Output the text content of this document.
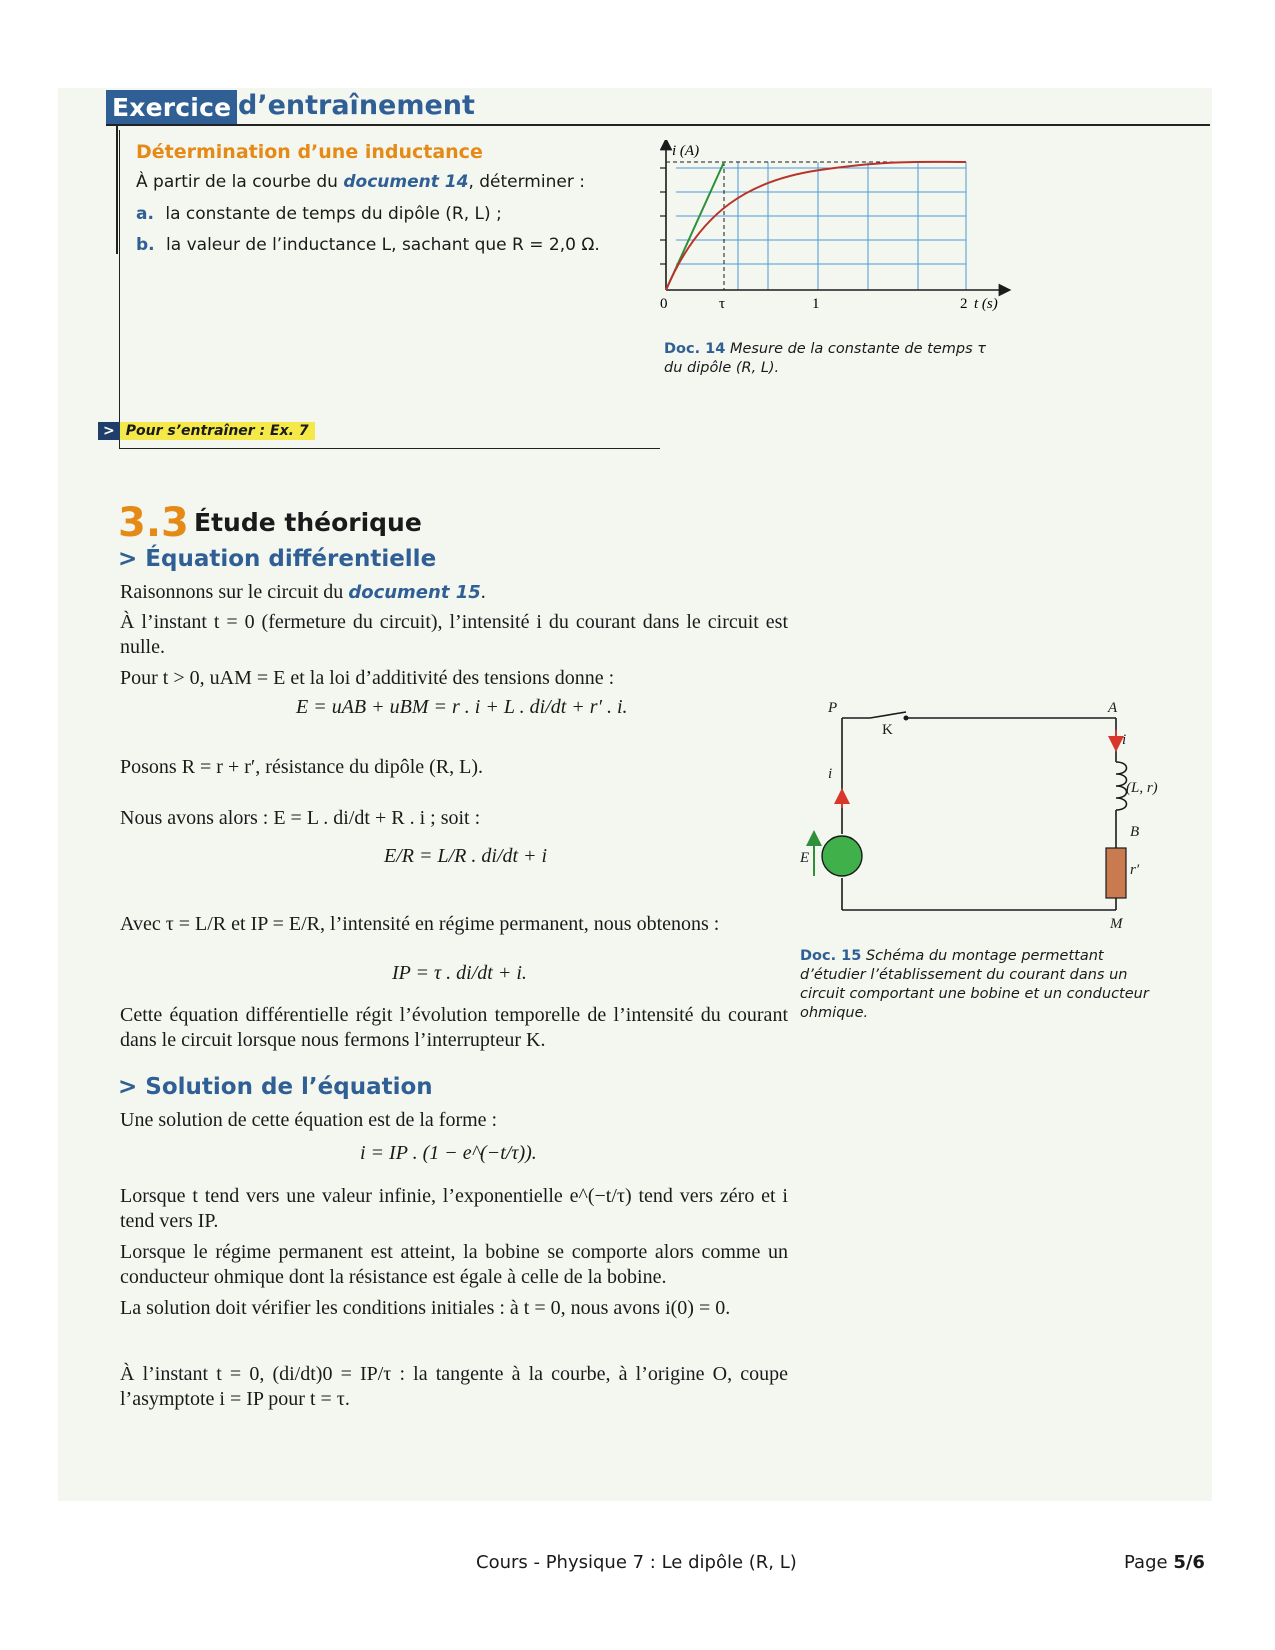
Exercice d’entraînement
Détermination d’une inductance
À partir de la courbe du document 14, déterminer :
a. la constante de temps du dipôle (R, L) ;
b. la valeur de l’inductance L, sachant que R = 2,0 Ω.
> Pour s’entraîner : Ex. 7
i (A)
0	τ	1	2 t (s)
Doc. 14 Mesure de la constante de temps τ
du dipôle (R, L).
3.3 Étude théorique
> Équation différentielle
Raisonnons sur le circuit du document 15.
À l’instant t = 0 (fermeture du circuit), l’intensité i du courant dans le circuit est nulle.
Pour t > 0, uAM = E et la loi d’additivité des tensions donne :
E = uAB + uBM = r . i + L . di/dt + r′ . i.
Posons R = r + r′, résistance du dipôle (R, L).
Nous avons alors : E = L . di/dt + R . i ; soit :
E/R = L/R . di/dt + i
Avec τ = L/R et IP = E/R, l’intensité en régime permanent, nous obtenons :
IP = τ . di/dt + i.
Cette équation différentielle régit l’évolution temporelle de l’intensité du courant dans le circuit lorsque nous fermons l’interrupteur K.
> Solution de l’équation
Une solution de cette équation est de la forme :
i = IP . (1 − e^(−t/τ)).
Lorsque t tend vers une valeur infinie, l’exponentielle e^(−t/τ) tend vers zéro et i tend vers IP.
Lorsque le régime permanent est atteint, la bobine se comporte alors comme un conducteur ohmique dont la résistance est égale à celle de la bobine.
La solution doit vérifier les conditions initiales : à t = 0, nous avons i(0) = 0.
À l’instant t = 0, (di/dt)0 = IP/τ : la tangente à la courbe, à l’origine O, coupe l’asymptote i = IP pour t = τ.
P	A
K
i
i
(L, r)
B
r′
M
E
Doc. 15 Schéma du montage permettant
d’étudier l’établissement du courant dans un
circuit comportant une bobine et un conducteur
ohmique.
Cours - Physique 7 : Le dipôle (R, L)	Page 5/6
